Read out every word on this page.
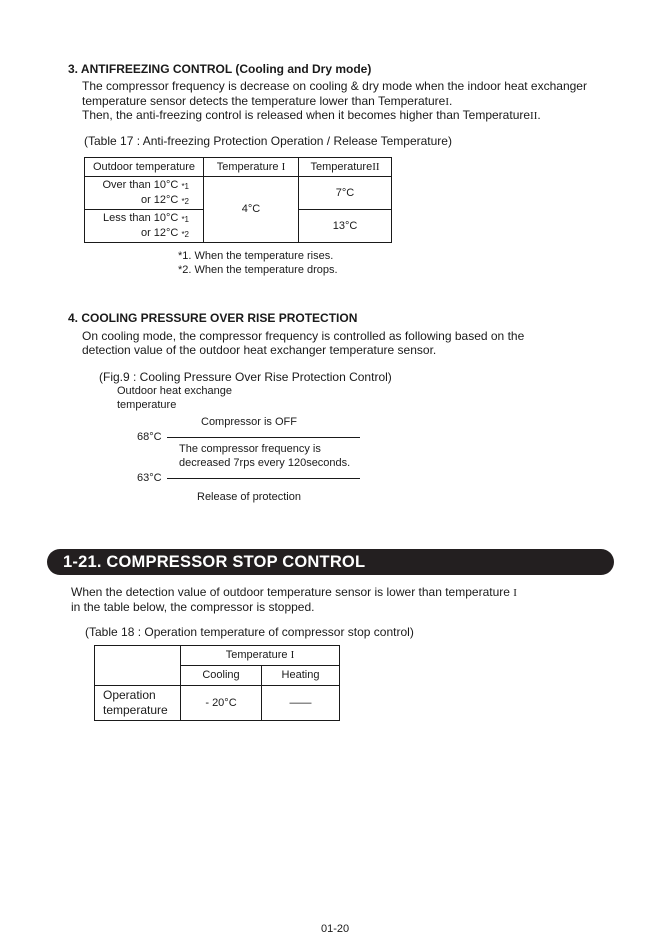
3. ANTIFREEZING CONTROL (Cooling and Dry mode)
The compressor frequency is decrease on cooling & dry mode when the indoor heat exchanger
temperature sensor detects the temperature lower than TemperatureI.
Then, the anti-freezing control is released when it becomes higher than TemperatureII.
(Table 17 : Anti-freezing Protection Operation / Release Temperature)
Outdoor temperature	Temperature I	TemperatureII

Over than 10°C *1
or 12°C *2	4°C	7°C

Less than 10°C *1
or 12°C *2		13°C
*1. When the temperature rises.
*2. When the temperature drops.
4. COOLING PRESSURE OVER RISE PROTECTION
On cooling mode, the compressor frequency is controlled as following based on the
detection value of the outdoor heat exchanger temperature sensor.
(Fig.9 : Cooling Pressure Over Rise Protection Control)
Outdoor heat exchange
temperature
Compressor is OFF
68°C
The compressor frequency is
decreased 7rps every 120seconds.
63°C
Release of protection
1-21. COMPRESSOR STOP CONTROL
When the detection value of outdoor temperature sensor is lower than temperature I
in the table below, the compressor is stopped.
(Table 18 : Operation temperature of compressor stop control)
	Temperature I	
	Cooling	Heating

Operation
temperature	- 20°C	——
01-20
